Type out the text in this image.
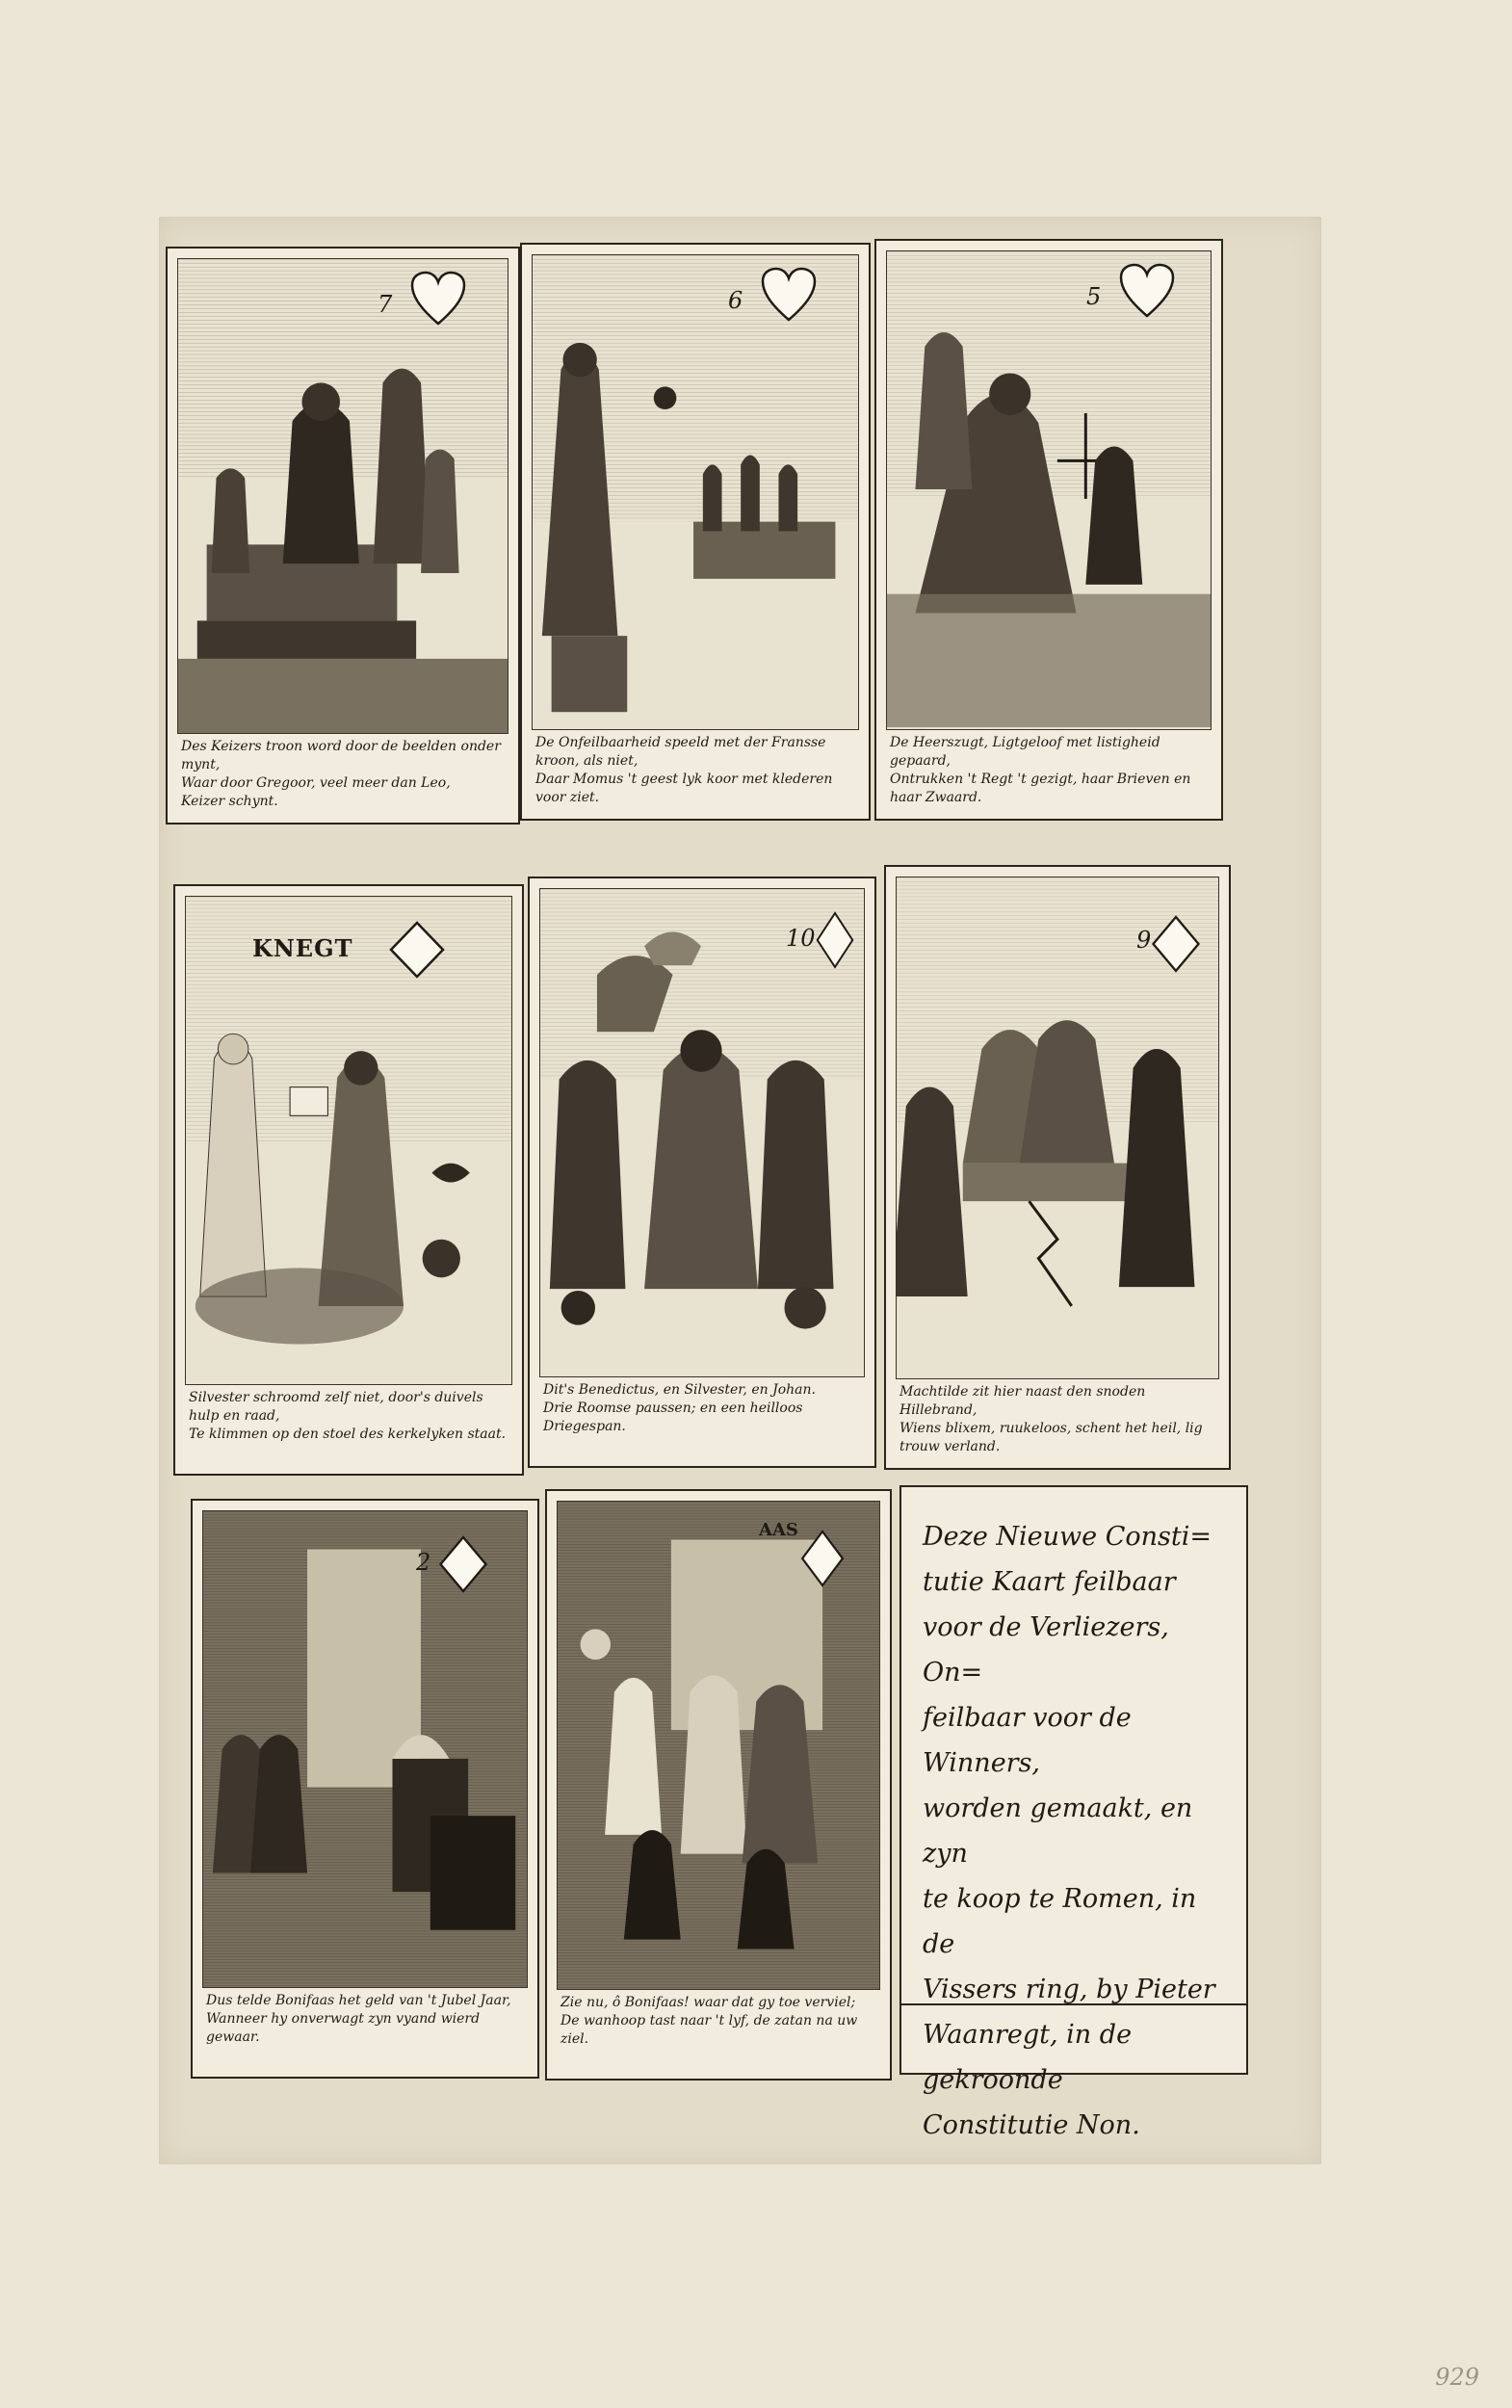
7
Des Keizers troon word door de beelden onder mynt,
Waar door Gregoor, veel meer dan Leo,
Keizer schynt.
6
De Onfeilbaarheid speeld met der Fransse kroon, als niet,
Daar Momus 't geest lyk koor met klederen voor ziet.
5
De Heerszugt, Ligtgeloof met listigheid gepaard,
Ontrukken 't Regt 't gezigt, haar Brieven en haar Zwaard.
KNEGT
Silvester schroomd zelf niet, door's duivels hulp en raad,
Te klimmen op den stoel des kerkelyken staat.
10
Dit's Benedictus, en Silvester, en Johan.
Drie Roomse paussen; en een heilloos Driegespan.
9
Machtilde zit hier naast den snoden Hillebrand,
Wiens blixem, ruukeloos, schent het heil, lig trouw verland.
2
Dus telde Bonifaas het geld van 't Jubel Jaar,
Wanneer hy onverwagt zyn vyand wierd gewaar.
AAS
Zie nu, ô Bonifaas! waar dat gy toe verviel;
De wanhoop tast naar 't lyf, de zatan na uw ziel.
Deze Nieuwe Consti=
tutie Kaart feilbaar
voor de Verliezers, On=
feilbaar voor de Winners,
worden gemaakt, en zyn
te koop te Romen, in de
Vissers ring, by Pieter
Waanregt, in de gekroonde
Constitutie Non.
929
